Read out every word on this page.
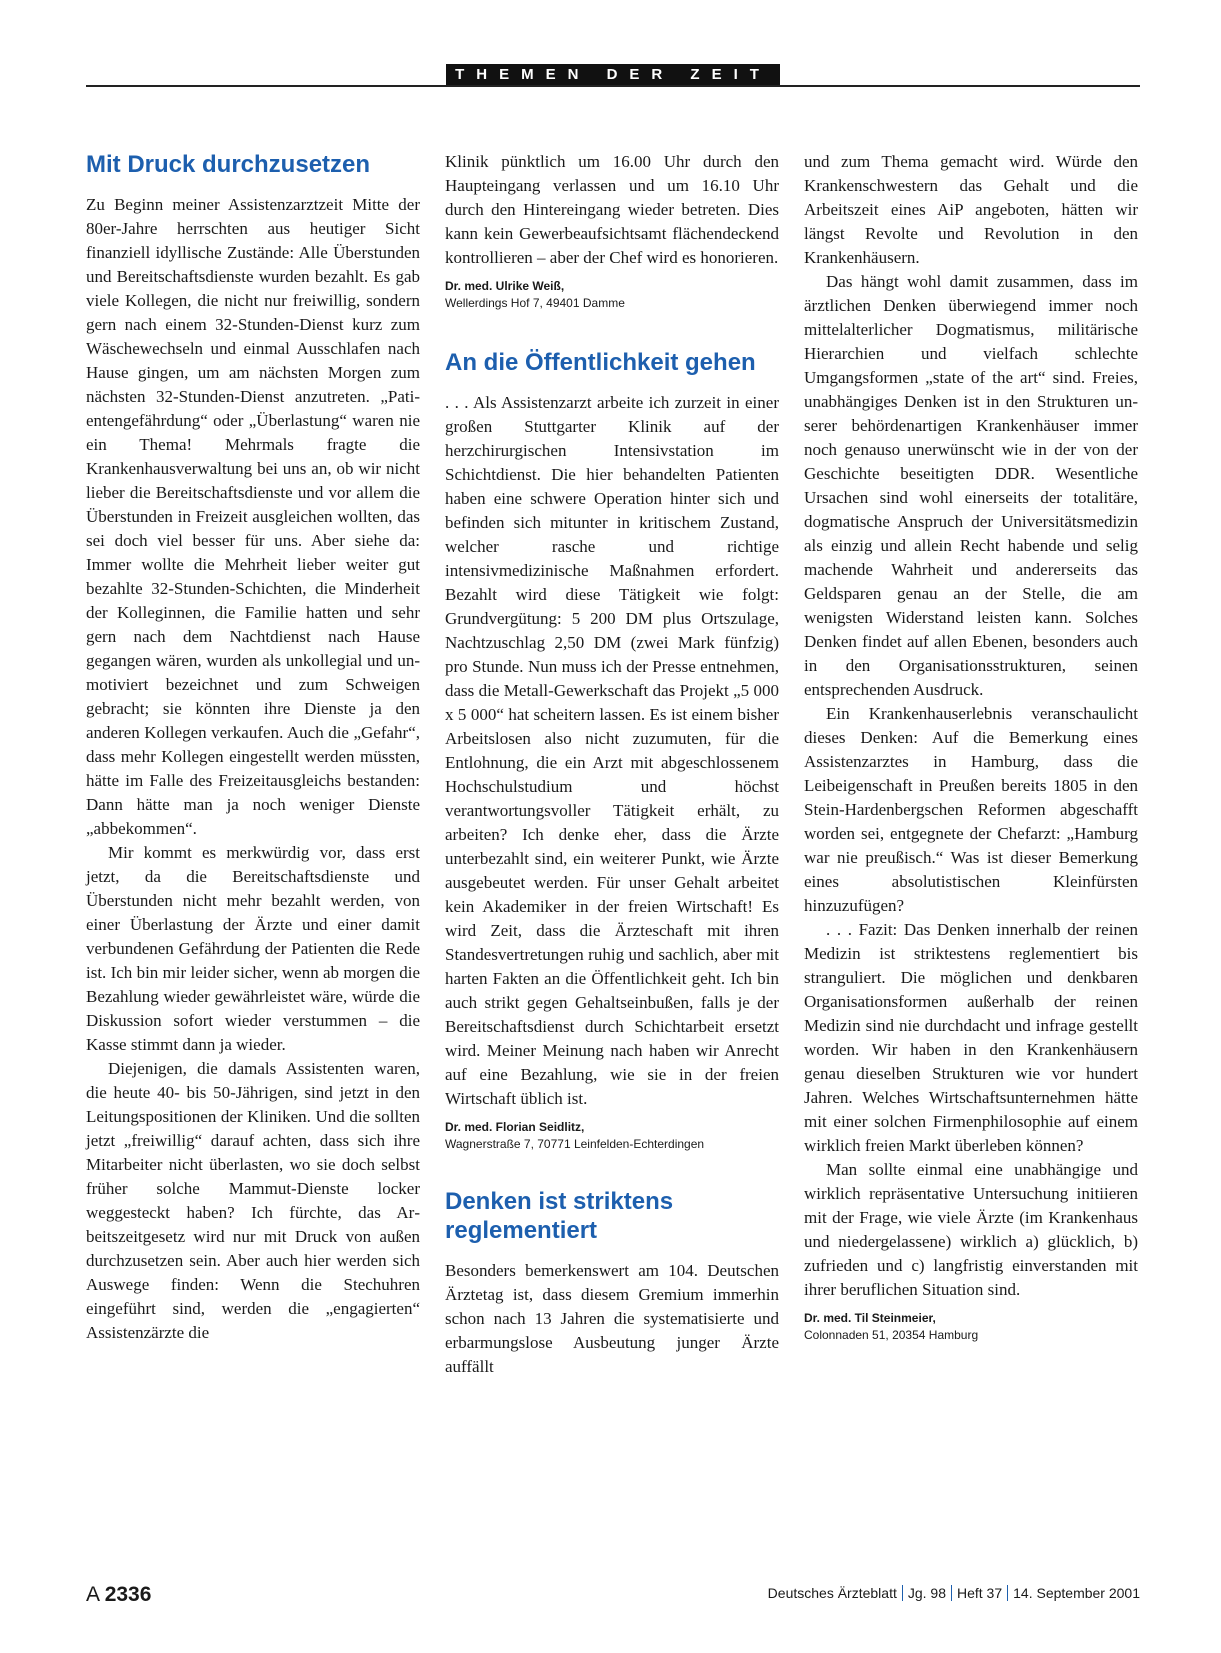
THEMEN DER ZEIT
Mit Druck durchzusetzen

Zu Beginn meiner Assistenzarztzeit Mitte der 80er-Jahre herrschten aus heutiger Sicht finanziell idyllische Zustände: Alle Überstunden und Bereitschaftsdienste wurden bezahlt. Es gab viele Kollegen, die nicht nur freiwillig, sondern gern nach einem 32-Stunden-Dienst kurz zum Wäschewechseln und einmal Ausschlafen nach Hause gingen, um am nächsten Morgen zum nächsten 32-Stunden-Dienst anzutreten. „Patientengefährdung“ oder „Überlastung“ waren nie ein Thema! Mehrmals fragte die Krankenhausverwaltung bei uns an, ob wir nicht lieber die Bereitschaftsdienste und vor allem die Überstunden in Freizeit ausgleichen wollten, das sei doch viel besser für uns. Aber siehe da: Immer wollte die Mehrheit lieber weiter gut bezahlte 32-Stunden-Schichten, die Minderheit der Kolleginnen, die Familie hatten und sehr gern nach dem Nachtdienst nach Hause gegangen wären, wurden als unkollegial und unmotiviert bezeichnet und zum Schweigen gebracht; sie könnten ihre Dienste ja den anderen Kollegen verkaufen. Auch die „Gefahr“, dass mehr Kollegen eingestellt werden müssten, hätte im Falle des Freizeitausgleichs bestanden: Dann hätte man ja noch weniger Dienste „abbekommen“.

Mir kommt es merkwürdig vor, dass erst jetzt, da die Bereitschaftsdienste und Überstunden nicht mehr bezahlt werden, von einer Überlastung der Ärzte und einer damit verbundenen Gefährdung der Patienten die Rede ist. Ich bin mir leider sicher, wenn ab morgen die Bezahlung wieder gewährleistet wäre, würde die Diskussion sofort wieder verstummen – die Kasse stimmt dann ja wieder.

Diejenigen, die damals Assistenten waren, die heute 40- bis 50-Jährigen, sind jetzt in den Leitungspositionen der Kliniken. Und die sollten jetzt „freiwillig“ darauf achten, dass sich ihre Mitarbeiter nicht überlasten, wo sie doch selbst früher solche Mammut-Dienste locker weggesteckt haben? Ich fürchte, das Arbeitszeitgesetz wird nur mit Druck von außen durchzusetzen sein. Aber auch hier werden sich Auswege finden: Wenn die Stechuhren eingeführt sind, werden die „engagierten“ Assistenzärzte die

Klinik pünktlich um 16.00 Uhr durch den Haupteingang verlassen und um 16.10 Uhr durch den Hintereingang wieder betreten. Dies kann kein Gewerbeaufsichtsamt flächendeckend kontrollieren – aber der Chef wird es honorieren.

Dr. med. Ulrike Weiß,
Wellerdings Hof 7, 49401 Damme
An die Öffentlichkeit gehen

. . . Als Assistenzarzt arbeite ich zurzeit in einer großen Stuttgarter Klinik auf der herzchirurgischen Intensivstation im Schichtdienst. Die hier behandelten Patienten haben eine schwere Operation hinter sich und befinden sich mitunter in kritischem Zustand, welcher rasche und richtige intensivmedizinische Maßnahmen erfordert. Bezahlt wird diese Tätigkeit wie folgt: Grundvergütung: 5 200 DM plus Ortszulage, Nachtzuschlag 2,50 DM (zwei Mark fünfzig) pro Stunde. Nun muss ich der Presse entnehmen, dass die Metall-Gewerkschaft das Projekt „5 000 x 5 000“ hat scheitern lassen. Es ist einem bisher Arbeitslosen also nicht zuzumuten, für die Entlohnung, die ein Arzt mit abgeschlossenem Hochschulstudium und höchst verantwortungsvoller Tätigkeit erhält, zu arbeiten? Ich denke eher, dass die Ärzte unterbezahlt sind, ein weiterer Punkt, wie Ärzte ausgebeutet werden. Für unser Gehalt arbeitet kein Akademiker in der freien Wirtschaft! Es wird Zeit, dass die Ärzteschaft mit ihren Standesvertretungen ruhig und sachlich, aber mit harten Fakten an die Öffentlichkeit geht. Ich bin auch strikt gegen Gehaltseinbußen, falls je der Bereitschaftsdienst durch Schichtarbeit ersetzt wird. Meiner Meinung nach haben wir Anrecht auf eine Bezahlung, wie sie in der freien Wirtschaft üblich ist.

Dr. med. Florian Seidlitz,
Wagnerstraße 7, 70771 Leinfelden-Echterdingen
Denken ist striktens reglementiert

Besonders bemerkenswert am 104. Deutschen Ärztetag ist, dass diesem Gremium immerhin schon nach 13 Jahren die systematisierte und erbarmungslose Ausbeutung junger Ärzte auffällt

und zum Thema gemacht wird. Würde den Krankenschwestern das Gehalt und die Arbeitszeit eines AiP angeboten, hätten wir längst Revolte und Revolution in den Krankenhäusern.

Das hängt wohl damit zusammen, dass im ärztlichen Denken überwiegend immer noch mittelalterlicher Dogmatismus, militärische Hierarchien und vielfach schlechte Umgangsformen „state of the art“ sind. Freies, unabhängiges Denken ist in den Strukturen unserer behördenartigen Krankenhäuser immer noch genauso unerwünscht wie in der von der Geschichte beseitigten DDR. Wesentliche Ursachen sind wohl einerseits der totalitäre, dogmatische Anspruch der Universitätsmedizin als einzig und allein Recht habende und selig machende Wahrheit und andererseits das Geldsparen genau an der Stelle, die am wenigsten Widerstand leisten kann. Solches Denken findet auf allen Ebenen, besonders auch in den Organisationsstrukturen, seinen entsprechenden Ausdruck.

Ein Krankenhauserlebnis veranschaulicht dieses Denken: Auf die Bemerkung eines Assistenzarztes in Hamburg, dass die Leibeigenschaft in Preußen bereits 1805 in den Stein-Hardenbergschen Reformen abgeschafft worden sei, entgegnete der Chefarzt: „Hamburg war nie preußisch.“ Was ist dieser Bemerkung eines absolutistischen Kleinfürsten hinzuzufügen?

. . . Fazit: Das Denken innerhalb der reinen Medizin ist striktestens reglementiert bis stranguliert. Die möglichen und denkbaren Organisationsformen außerhalb der reinen Medizin sind nie durchdacht und infrage gestellt worden. Wir haben in den Krankenhäusern genau dieselben Strukturen wie vor hundert Jahren. Welches Wirtschaftsunternehmen hätte mit einer solchen Firmenphilosophie auf einem wirklich freien Markt überleben können?

Man sollte einmal eine unabhängige und wirklich repräsentative Untersuchung initiieren mit der Frage, wie viele Ärzte (im Krankenhaus und niedergelassene) wirklich a) glücklich, b) zufrieden und c) langfristig einverstanden mit ihrer beruflichen Situation sind.

Dr. med. Til Steinmeier,
Colonnaden 51, 20354 Hamburg
A 2336	Deutsches Ärzteblatt Jg. 98 Heft 37 14. September 2001
